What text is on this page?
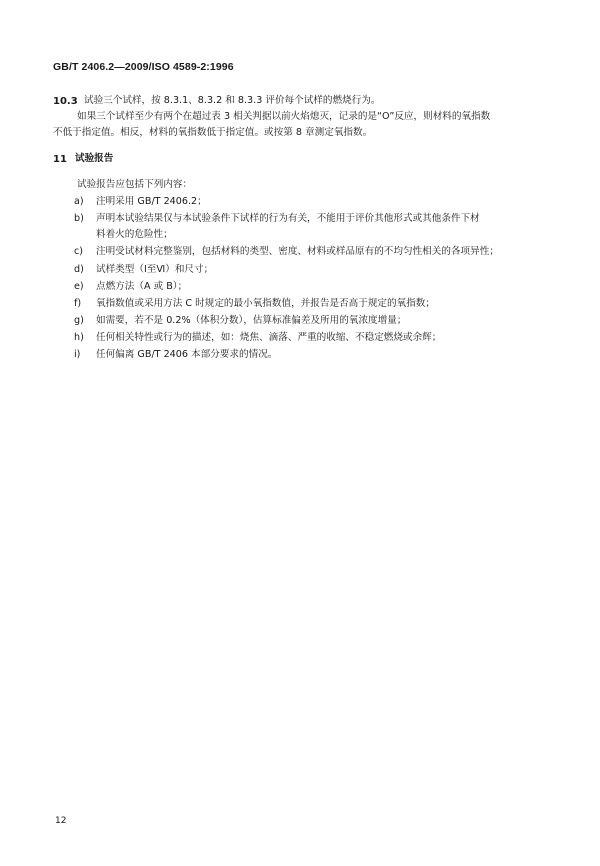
GB/T 2406.2—2009/ISO 4589-2:1996
10.3 试验三个试样，按 8.3.1、8.3.2 和 8.3.3 评价每个试样的燃烧行为。
如果三个试样至少有两个在超过表 3 相关判据以前火焰熄灭，记录的是“O”反应，则材料的氧指数
不低于指定值。相反，材料的氧指数低于指定值。或按第 8 章测定氧指数。
11 试验报告
试验报告应包括下列内容：
a) 注明采用 GB/T 2406.2；
b) 声明本试验结果仅与本试验条件下试样的行为有关，不能用于评价其他形式或其他条件下材
料着火的危险性；
c) 注明受试材料完整鉴别，包括材料的类型、密度、材料或样品原有的不均匀性相关的各项异性；
d) 试样类型（Ⅰ至Ⅵ）和尺寸；
e) 点燃方法（A 或 B）；
f) 氧指数值或采用方法 C 时规定的最小氧指数值，并报告是否高于规定的氧指数；
g) 如需要，若不是 0.2%（体积分数），估算标准偏差及所用的氧浓度增量；
h) 任何相关特性或行为的描述，如：烧焦、滴落、严重的收缩、不稳定燃烧或余辉；
i) 任何偏离 GB/T 2406 本部分要求的情况。
12
